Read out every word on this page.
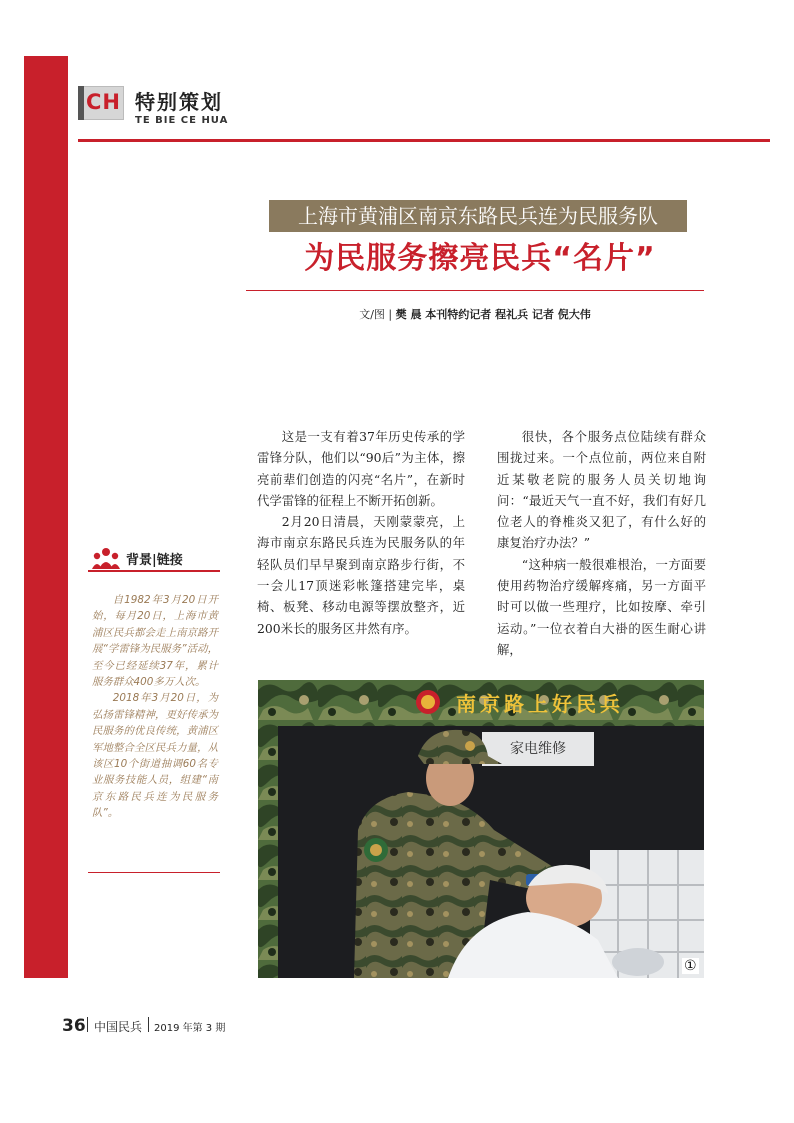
CH 特别策划
TE BIE CE HUA
上海市黄浦区南京东路民兵连为民服务队
为民服务擦亮民兵“名片”
文/图 | 樊 晨 本刊特约记者 程礼兵 记者 倪大伟

这是一支有着37年历史传承的学雷锋分队，他们以“90后”为主体，擦亮前辈们创造的闪亮“名片”，在新时代学雷锋的征程上不断开拓创新。

2月20日清晨，天刚蒙蒙亮，上海市南京东路民兵连为民服务队的年轻队员们早早聚到南京路步行街，不一会儿17顶迷彩帐篷搭建完毕，桌椅、板凳、移动电源等摆放整齐，近200米长的服务区井然有序。

很快，各个服务点位陆续有群众围拢过来。一个点位前，两位来自附近某敬老院的服务人员关切地询问：“最近天气一直不好，我们有好几位老人的脊椎炎又犯了，有什么好的康复治疗办法？”

“这种病一般很难根治，一方面要使用药物治疗缓解疼痛，另一方面平时可以做一些理疗，比如按摩、牵引运动。”一位衣着白大褂的医生耐心讲解，

背景|链接

自1982年3月20日开始，每月20日，上海市黄浦区民兵都会走上南京路开展“学雷锋为民服务”活动，至今已经延续37年，累计服务群众400多万人次。

2018年3月20日，为弘扬雷锋精神，更好传承为民服务的优良传统，黄浦区军地整合全区民兵力量，从该区10个街道抽调60名专业服务技能人员，组建“南京东路民兵连为民服务队”。

南京路上好民兵
家电维修
①
36 中国民兵 2019 年第 3 期
